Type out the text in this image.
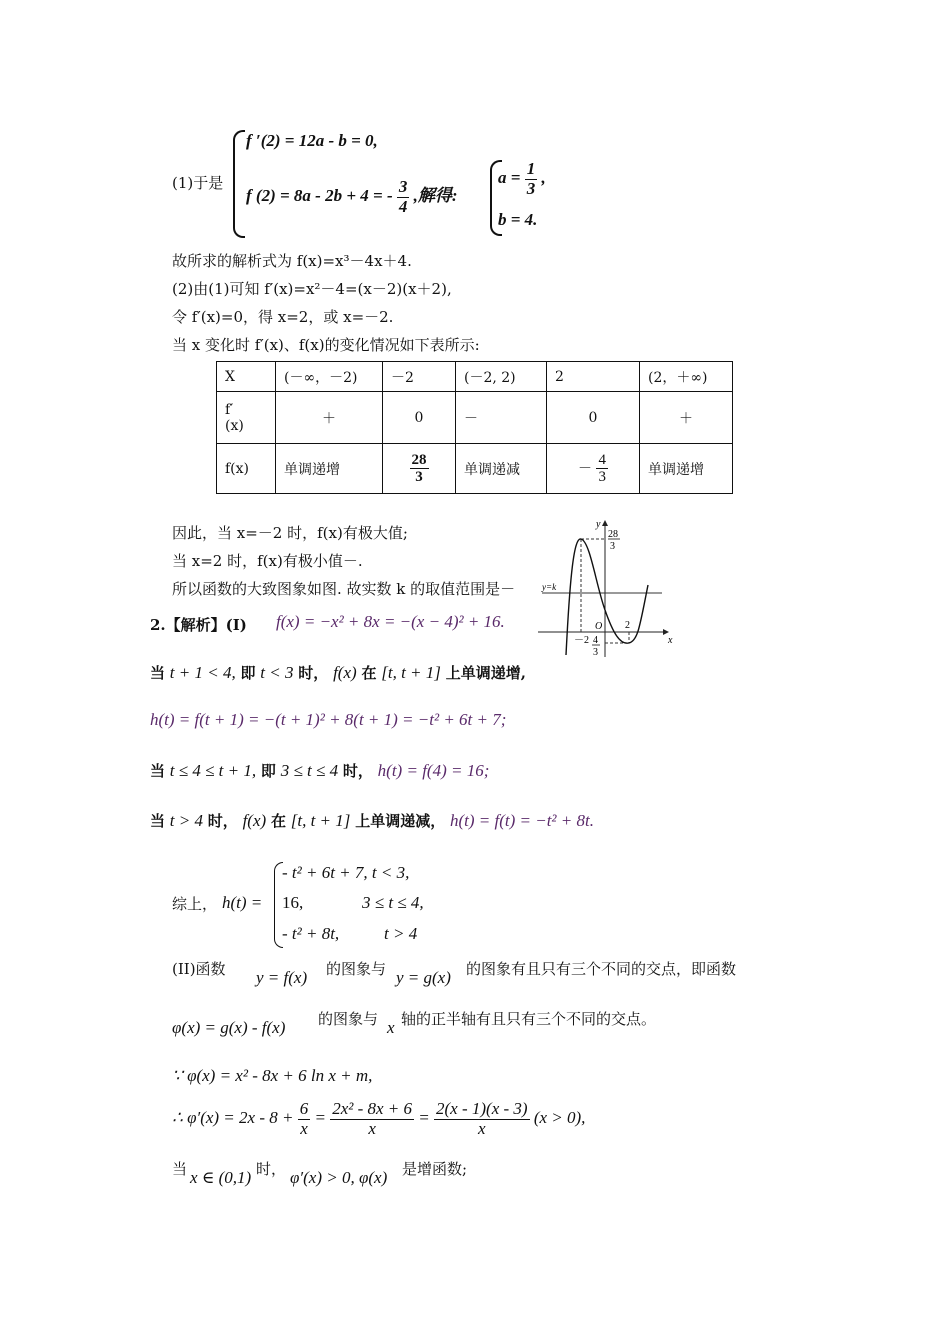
(1)于是
f ′(2) = 12a - b = 0,
f (2) = 8a - 2b + 4 = - $\frac{3}{4}$ ,解得:
$a = \frac{1}{3}$ ,
b = 4.
故所求的解析式为 f(x)=x³－4x＋4.
(2)由(1)可知 f′(x)=x²－4=(x－2)(x＋2),
令 f′(x)=0，得 x=2，或 x=－2.
当 x 变化时 f′(x)、f(x)的变化情况如下表所示:
X	(－∞，－2)	－2	(－2, 2)	2	(2，＋∞)

f′
(x)	＋	0	－	0	＋
f(x)	单调递增	$\frac{28}{3}$	单调递减	－ $\frac{4}{3}$	单调递增
因此，当 x=－2 时，f(x)有极大值;
当 x=2 时，f(x)有极小值－.
所以函数的大致图象如图. 故实数 k 的取值范围是－
y
x
O
28
3
4
3
－2
2
y=k
2.【解析】(I) f(x) = −x² + 8x = −(x − 4)² + 16.
当 t + 1 < 4, 即 t < 3 时， f(x) 在 [t, t + 1] 上单调递增,
h(t) = f(t + 1) = −(t + 1)² + 8(t + 1) = −t² + 6t + 7;
当 t ≤ 4 ≤ t + 1, 即 3 ≤ t ≤ 4 时， h(t) = f(4) = 16;
当 t > 4 时， f(x) 在 [t, t + 1] 上单调递减， h(t) = f(t) = −t² + 8t.
综上， h(t) =
- t² + 6t + 7, t < 3,
16,	3 ≤ t ≤ 4,
- t² + 8t,	t > 4
(II)函数 y = f(x) 的图象与 y = g(x) 的图象有且只有三个不同的交点，即函数
φ(x) = g(x) - f(x) 的图象与 x 轴的正半轴有且只有三个不同的交点。
∵ φ(x) = x² - 8x + 6 ln x + m,
∴ $\varphi'(x) = 2x - 8 + \frac{6}{x} = \frac{\text{2x² - 8x + 6}}{x} = \frac{2(x - 1)(x - 3)}{x} (x > 0)$,
当 x ∈ (0,1) 时， φ′(x) > 0, φ(x) 是增函数;
